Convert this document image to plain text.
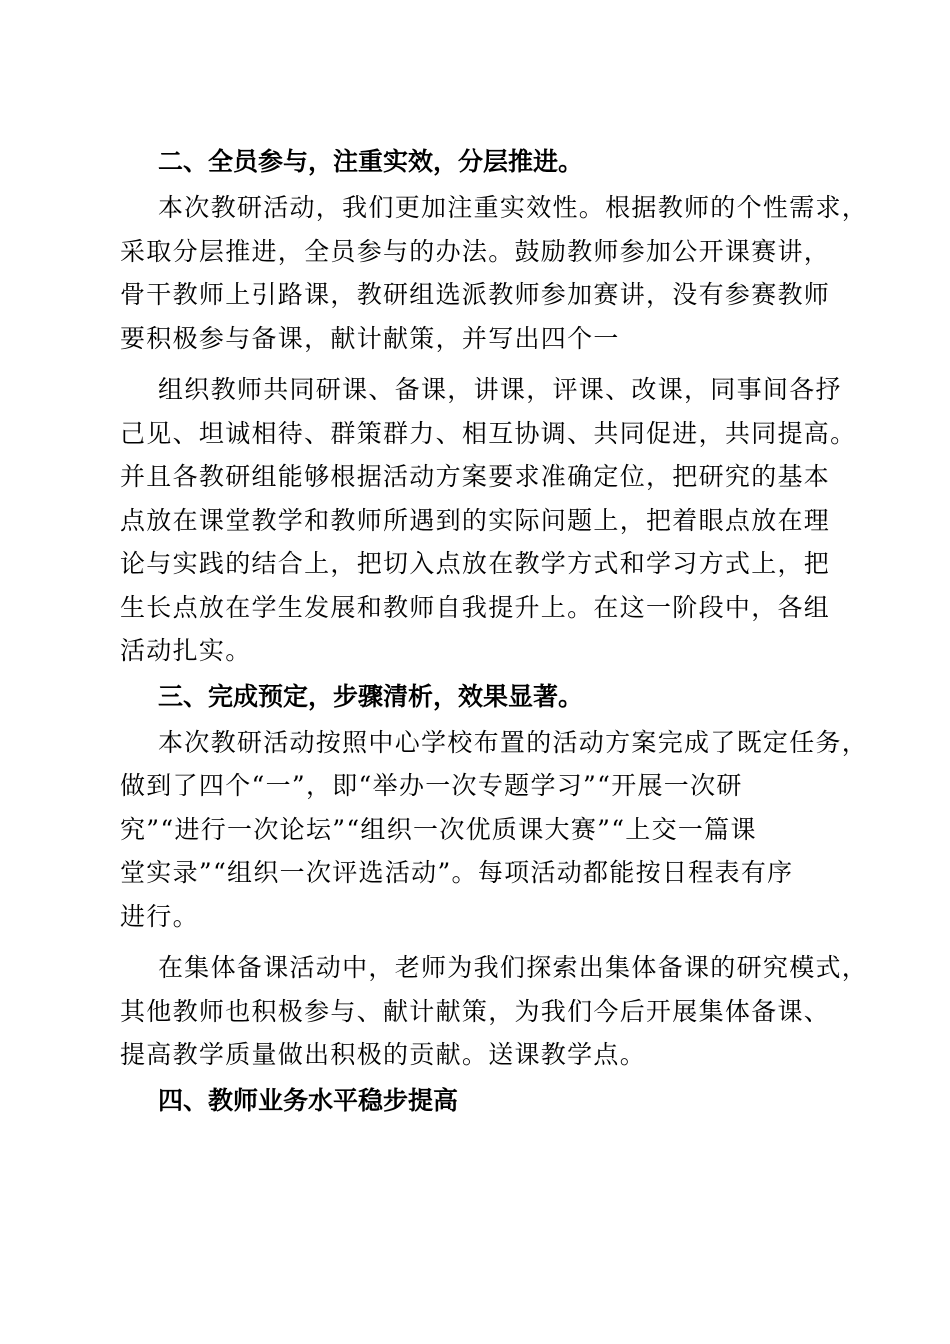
二、全员参与，注重实效，分层推进。
本次教研活动，我们更加注重实效性。根据教师的个性需求，
采取分层推进，全员参与的办法。鼓励教师参加公开课赛讲，
骨干教师上引路课，教研组选派教师参加赛讲，没有参赛教师
要积极参与备课，献计献策，并写出四个一
组织教师共同研课、备课，讲课，评课、改课，同事间各抒
己见、坦诚相待、群策群力、相互协调、共同促进，共同提高。
并且各教研组能够根据活动方案要求准确定位，把研究的基本
点放在课堂教学和教师所遇到的实际问题上，把着眼点放在理
论与实践的结合上，把切入点放在教学方式和学习方式上，把
生长点放在学生发展和教师自我提升上。在这一阶段中，各组
活动扎实。
三、完成预定，步骤清析，效果显著。
本次教研活动按照中心学校布置的活动方案完成了既定任务，
做到了四个“一”，即“举办一次专题学习”“开展一次研
究”“进行一次论坛”“组织一次优质课大赛”“上交一篇课
堂实录”“组织一次评选活动”。每项活动都能按日程表有序
进行。
在集体备课活动中，老师为我们探索出集体备课的研究模式，
其他教师也积极参与、献计献策，为我们今后开展集体备课、
提高教学质量做出积极的贡献。送课教学点。
四、教师业务水平稳步提高
